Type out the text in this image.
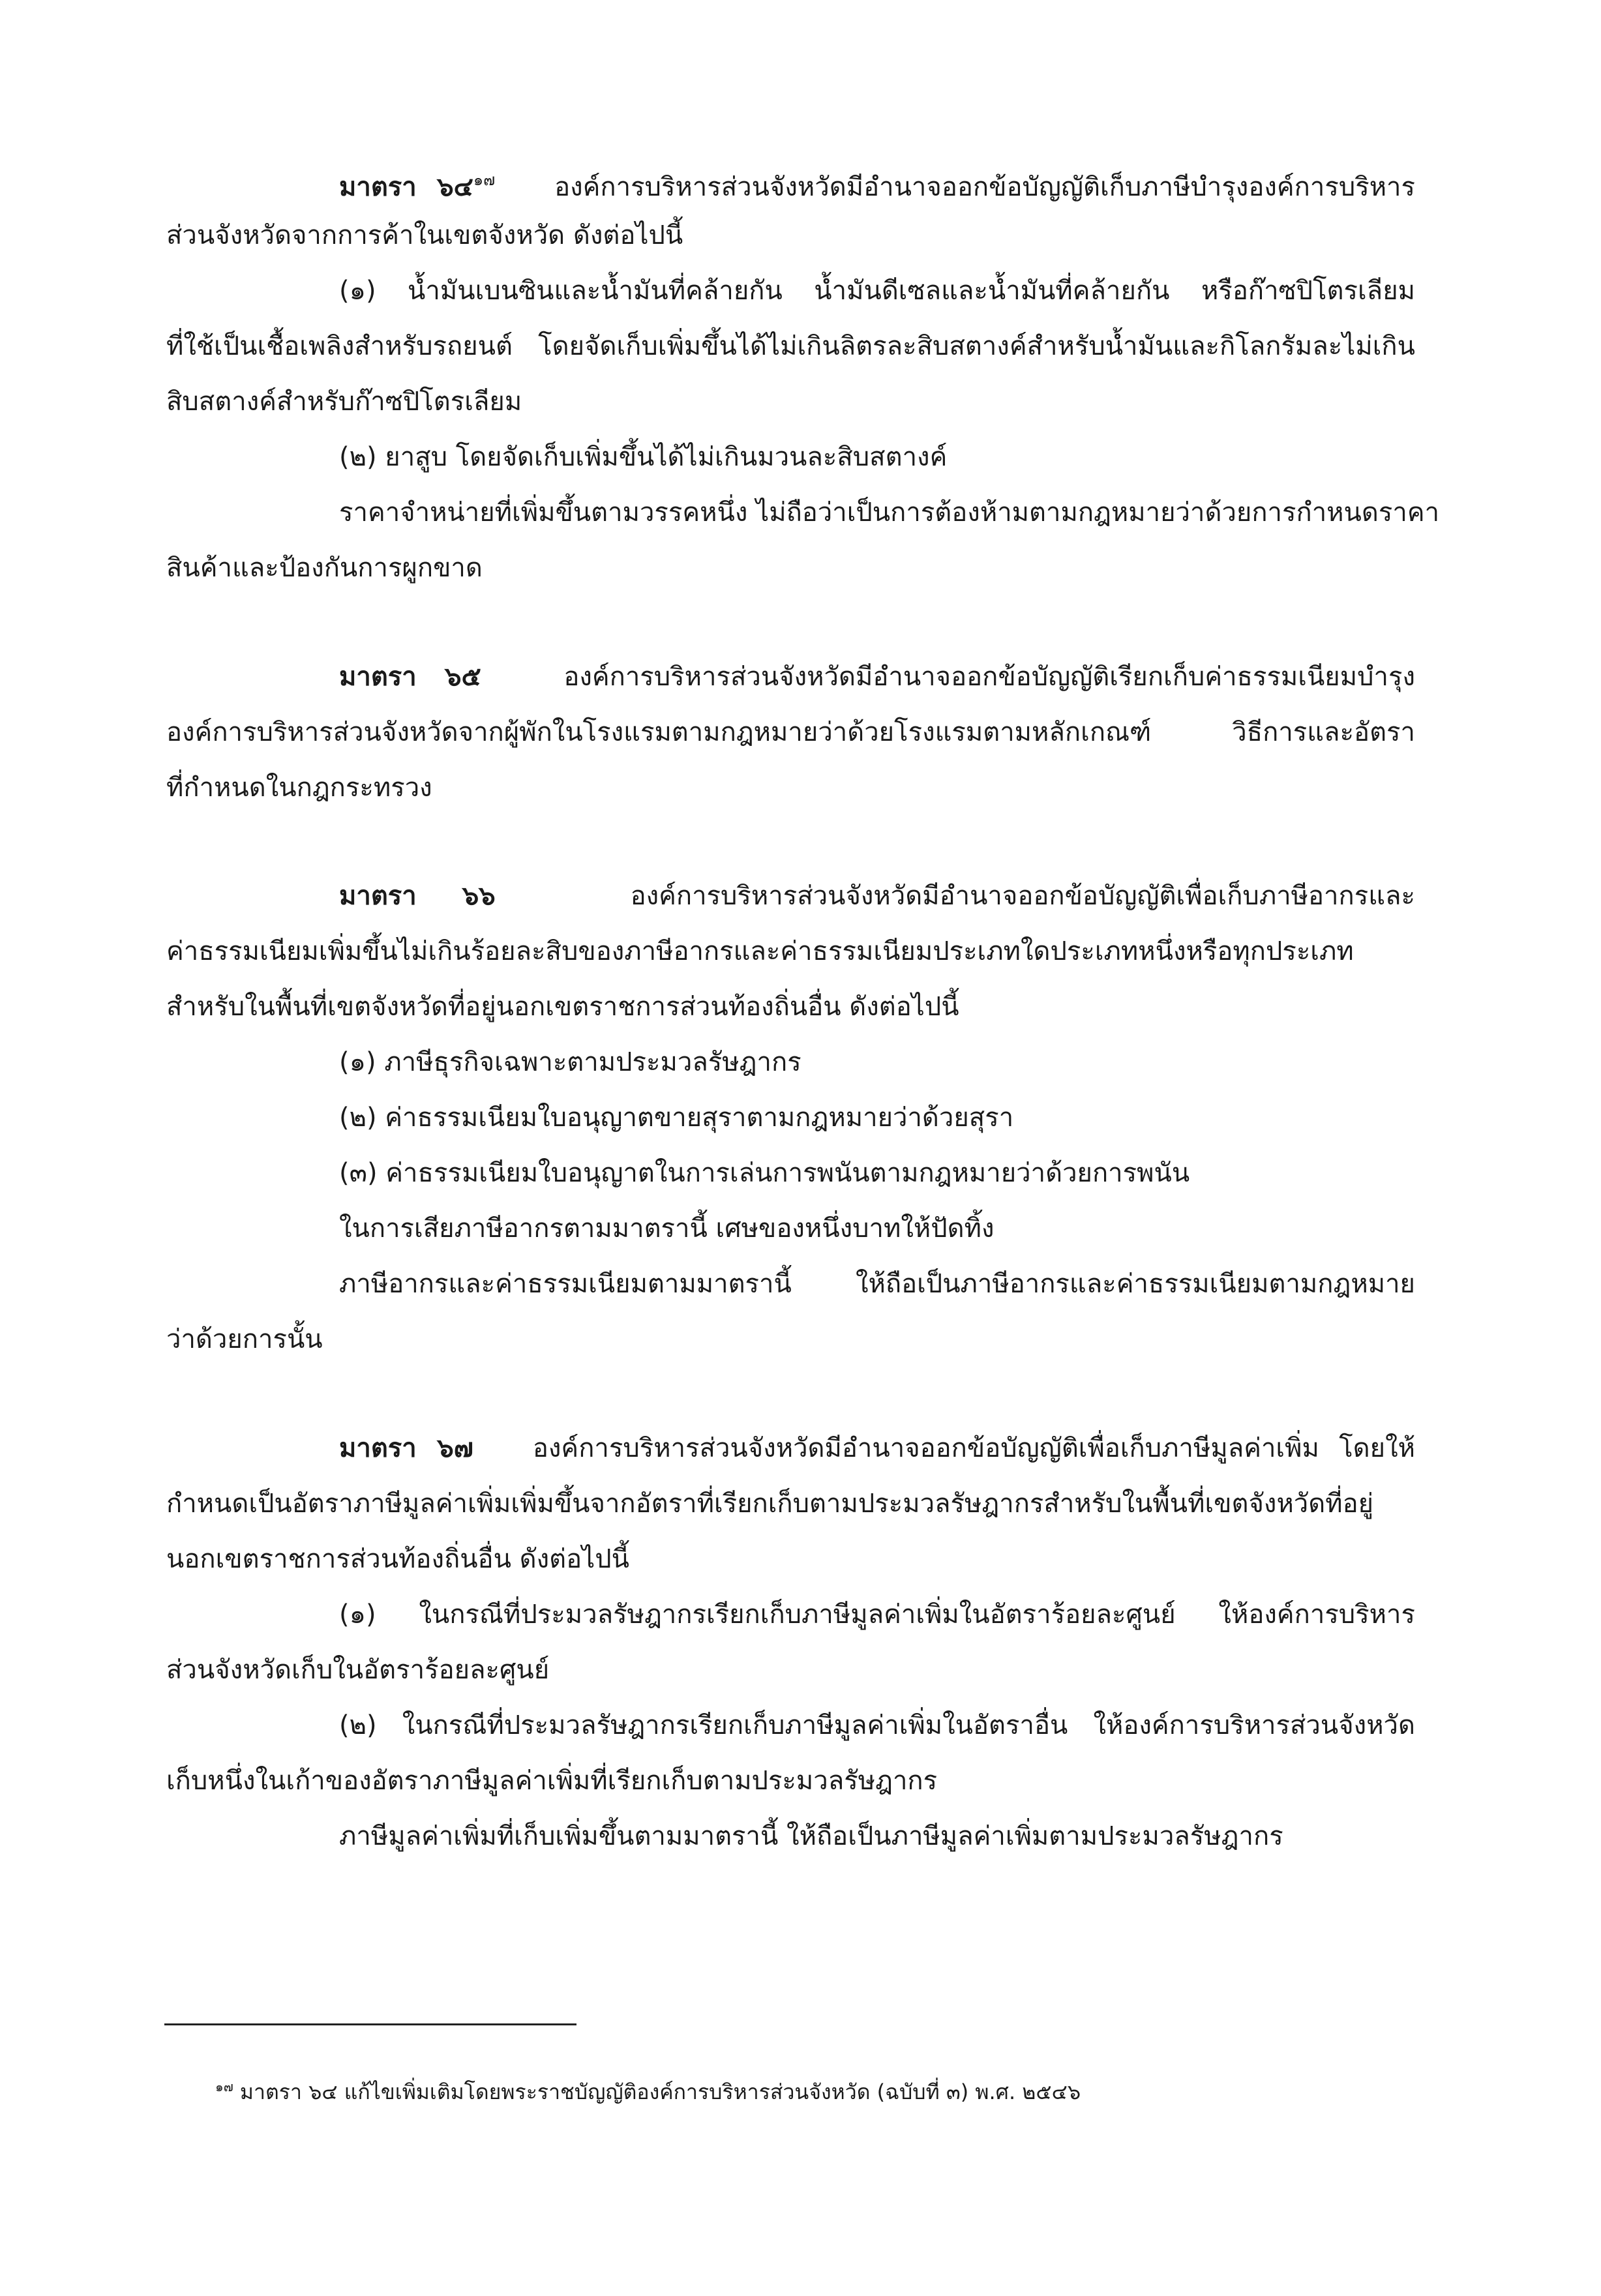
มาตรา ๖๔$^{๑๗}$ องค์การบริหารส่วนจังหวัดมีอำนาจออกข้อบัญญัติเก็บภาษีบำรุงองค์การบริหาร
ส่วนจังหวัดจากการค้าในเขตจังหวัด ดังต่อไปนี้
(๑) น้ำมันเบนซินและน้ำมันที่คล้ายกัน น้ำมันดีเซลและน้ำมันที่คล้ายกัน หรือก๊าซปิโตรเลียม
ที่ใช้เป็นเชื้อเพลิงสำหรับรถยนต์ โดยจัดเก็บเพิ่มขึ้นได้ไม่เกินลิตรละสิบสตางค์สำหรับน้ำมันและกิโลกรัมละไม่เกิน
สิบสตางค์สำหรับก๊าซปิโตรเลียม
(๒) ยาสูบ โดยจัดเก็บเพิ่มขึ้นได้ไม่เกินมวนละสิบสตางค์
ราคาจำหน่ายที่เพิ่มขึ้นตามวรรคหนึ่ง ไม่ถือว่าเป็นการต้องห้ามตามกฎหมายว่าด้วยการกำหนดราคา
สินค้าและป้องกันการผูกขาด
มาตรา ๖๕	องค์การบริหารส่วนจังหวัดมีอำนาจออกข้อบัญญัติเรียกเก็บค่าธรรมเนียมบำรุง
องค์การบริหารส่วนจังหวัดจากผู้พักในโรงแรมตามกฎหมายว่าด้วยโรงแรมตามหลักเกณฑ์ วิธีการและอัตรา
ที่กำหนดในกฎกระทรวง
มาตรา ๖๖	องค์การบริหารส่วนจังหวัดมีอำนาจออกข้อบัญญัติเพื่อเก็บภาษีอากรและ
ค่าธรรมเนียมเพิ่มขึ้นไม่เกินร้อยละสิบของภาษีอากรและค่าธรรมเนียมประเภทใดประเภทหนึ่งหรือทุกประเภท
สำหรับในพื้นที่เขตจังหวัดที่อยู่นอกเขตราชการส่วนท้องถิ่นอื่น ดังต่อไปนี้
(๑) ภาษีธุรกิจเฉพาะตามประมวลรัษฎากร
(๒) ค่าธรรมเนียมใบอนุญาตขายสุราตามกฎหมายว่าด้วยสุรา
(๓) ค่าธรรมเนียมใบอนุญาตในการเล่นการพนันตามกฎหมายว่าด้วยการพนัน
ในการเสียภาษีอากรตามมาตรานี้ เศษของหนึ่งบาทให้ปัดทิ้ง
ภาษีอากรและค่าธรรมเนียมตามมาตรานี้ ให้ถือเป็นภาษีอากรและค่าธรรมเนียมตามกฎหมาย
ว่าด้วยการนั้น
มาตรา ๖๗ องค์การบริหารส่วนจังหวัดมีอำนาจออกข้อบัญญัติเพื่อเก็บภาษีมูลค่าเพิ่ม โดยให้
กำหนดเป็นอัตราภาษีมูลค่าเพิ่มเพิ่มขึ้นจากอัตราที่เรียกเก็บตามประมวลรัษฎากรสำหรับในพื้นที่เขตจังหวัดที่อยู่
นอกเขตราชการส่วนท้องถิ่นอื่น ดังต่อไปนี้
(๑) ในกรณีที่ประมวลรัษฎากรเรียกเก็บภาษีมูลค่าเพิ่มในอัตราร้อยละศูนย์ ให้องค์การบริหาร
ส่วนจังหวัดเก็บในอัตราร้อยละศูนย์
(๒) ในกรณีที่ประมวลรัษฎากรเรียกเก็บภาษีมูลค่าเพิ่มในอัตราอื่น ให้องค์การบริหารส่วนจังหวัด
เก็บหนึ่งในเก้าของอัตราภาษีมูลค่าเพิ่มที่เรียกเก็บตามประมวลรัษฎากร
ภาษีมูลค่าเพิ่มที่เก็บเพิ่มขึ้นตามมาตรานี้ ให้ถือเป็นภาษีมูลค่าเพิ่มตามประมวลรัษฎากร
$^{๑๗}$ มาตรา ๖๔ แก้ไขเพิ่มเติมโดยพระราชบัญญัติองค์การบริหารส่วนจังหวัด (ฉบับที่ ๓) พ.ศ. ๒๕๔๖
